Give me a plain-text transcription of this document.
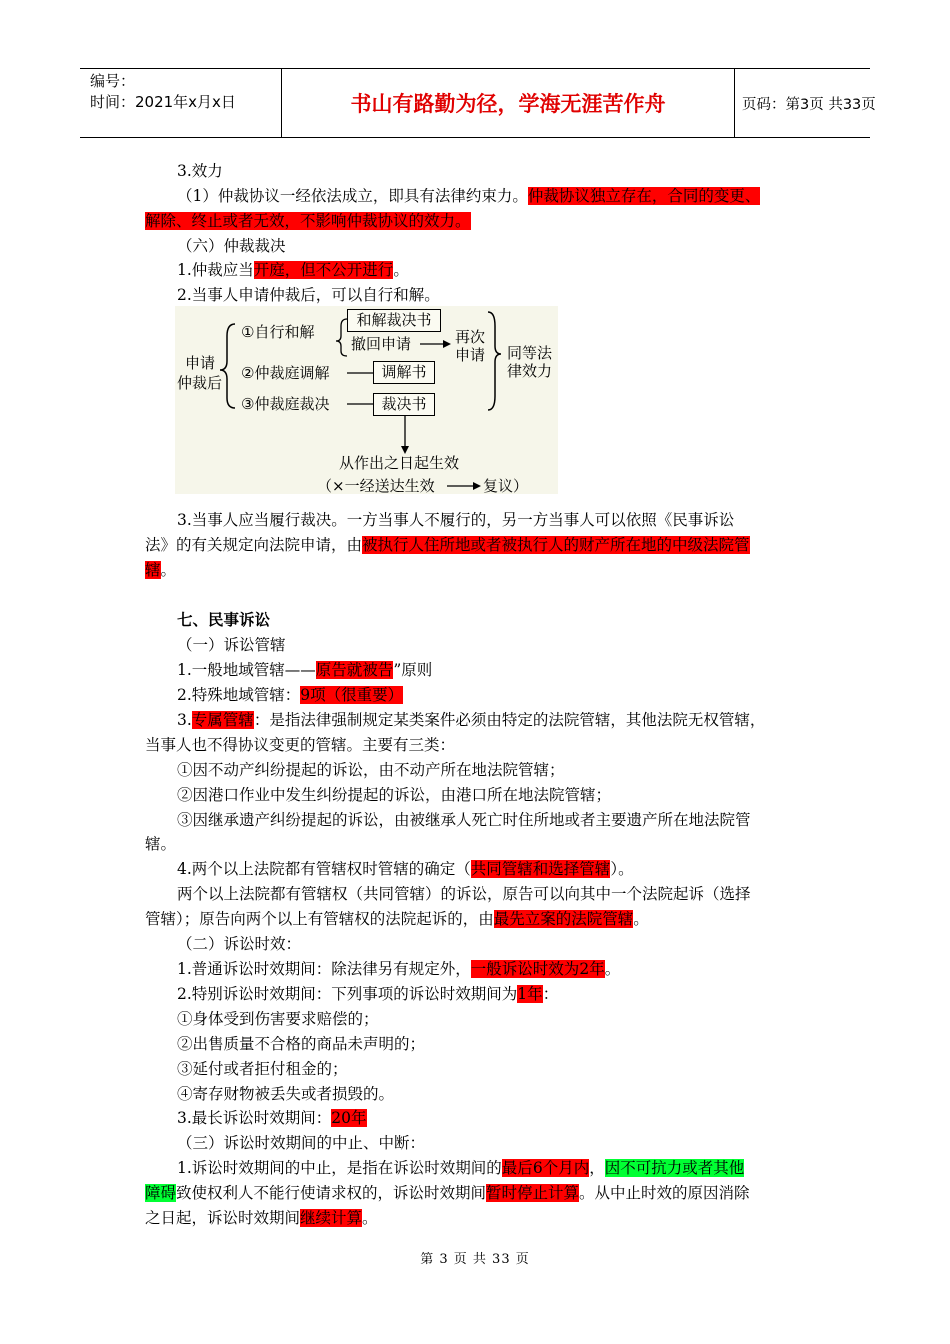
编号：
时间：2021年x月x日	书山有路勤为径，学海无涯苦作舟	页码：第3页 共33页
3.效力
（1）仲裁协议一经依法成立，即具有法律约束力。仲裁协议独立存在，合同的变更、
解除、终止或者无效，不影响仲裁协议的效力。
（六）仲裁裁决
1.仲裁应当开庭，但不公开进行。
2.当事人申请仲裁后，可以自行和解。
申请
仲裁后
①自行和解
和解裁决书
撤回申请	再次
申请 同等法
律效力
②仲裁庭调解	调解书
③仲裁庭裁决	裁决书
从作出之日起生效
（×一经送达生效	复议）
3.当事人应当履行裁决。一方当事人不履行的，另一方当事人可以依照《民事诉讼
法》的有关规定向法院申请，由被执行人住所地或者被执行人的财产所在地的中级法院管
辖。
七、民事诉讼
（一）诉讼管辖
1.一般地域管辖——原告就被告”原则
2.特殊地域管辖：9项（很重要）
3.专属管辖：是指法律强制规定某类案件必须由特定的法院管辖，其他法院无权管辖，
当事人也不得协议变更的管辖。主要有三类：
①因不动产纠纷提起的诉讼，由不动产所在地法院管辖；
②因港口作业中发生纠纷提起的诉讼，由港口所在地法院管辖；
③因继承遗产纠纷提起的诉讼，由被继承人死亡时住所地或者主要遗产所在地法院管
辖。
4.两个以上法院都有管辖权时管辖的确定（共同管辖和选择管辖）。
两个以上法院都有管辖权（共同管辖）的诉讼，原告可以向其中一个法院起诉（选择
管辖）；原告向两个以上有管辖权的法院起诉的，由最先立案的法院管辖。
（二）诉讼时效：
1.普通诉讼时效期间：除法律另有规定外，一般诉讼时效为2年。
2.特别诉讼时效期间：下列事项的诉讼时效期间为1年：
①身体受到伤害要求赔偿的；
②出售质量不合格的商品未声明的；
③延付或者拒付租金的；
④寄存财物被丢失或者损毁的。
3.最长诉讼时效期间：20年
（三）诉讼时效期间的中止、中断：
1.诉讼时效期间的中止，是指在诉讼时效期间的最后6个月内，因不可抗力或者其他
障碍致使权利人不能行使请求权的，诉讼时效期间暂时停止计算。从中止时效的原因消除
之日起，诉讼时效期间继续计算。
第 3 页 共 33 页
